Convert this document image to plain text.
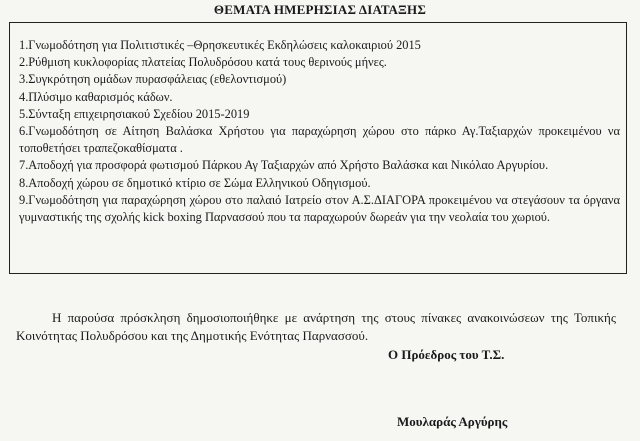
ΘΕΜΑΤΑ ΗΜΕΡΗΣΙΑΣ ΔΙΑΤΑΞΗΣ
1.Γνωμοδότηση για Πολιτιστικές –Θρησκευτικές Εκδηλώσεις καλοκαιριού 2015
2.Ρύθμιση κυκλοφορίας πλατείας Πολυδρόσου κατά τους θερινούς μήνες.
3.Συγκρότηση ομάδων πυρασφάλειας (εθελοντισμού)
4.Πλύσιμο καθαρισμός κάδων.
5.Σύνταξη επιχειρησιακού Σχεδίου 2015-2019
6.Γνωμοδότηση σε Αίτηση Βαλάσκα Χρήστου για παραχώρηση χώρου στο πάρκο Αγ.Ταξιαρχών προκειμένου να τοποθετήσει τραπεζοκαθίσματα .
7.Αποδοχή για προσφορά φωτισμού Πάρκου Αγ Ταξιαρχών από Χρήστο Βαλάσκα και Νικόλαο Αργυρίου.
8.Αποδοχή χώρου σε δημοτικό κτίριο σε Σώμα Ελληνικού Οδηγισμού.
9.Γνωμοδότηση για παραχώρηση χώρου στο παλαιό Ιατρείο στον Α.Σ.ΔΙΑΓΟΡΑ προκειμένου να στεγάσουν τα όργανα γυμναστικής της σχολής kick boxing Παρνασσού που τα παραχωρούν δωρεάν για την νεολαία του χωριού.

Η παρούσα πρόσκληση δημοσιοποιήθηκε με ανάρτηση της στους πίνακες ανακοινώσεων της Τοπικής Κοινότητας Πολυδρόσου και της Δημοτικής Ενότητας Παρνασσού.

Ο Πρόεδρος του Τ.Σ.
Μουλαράς Αργύρης
